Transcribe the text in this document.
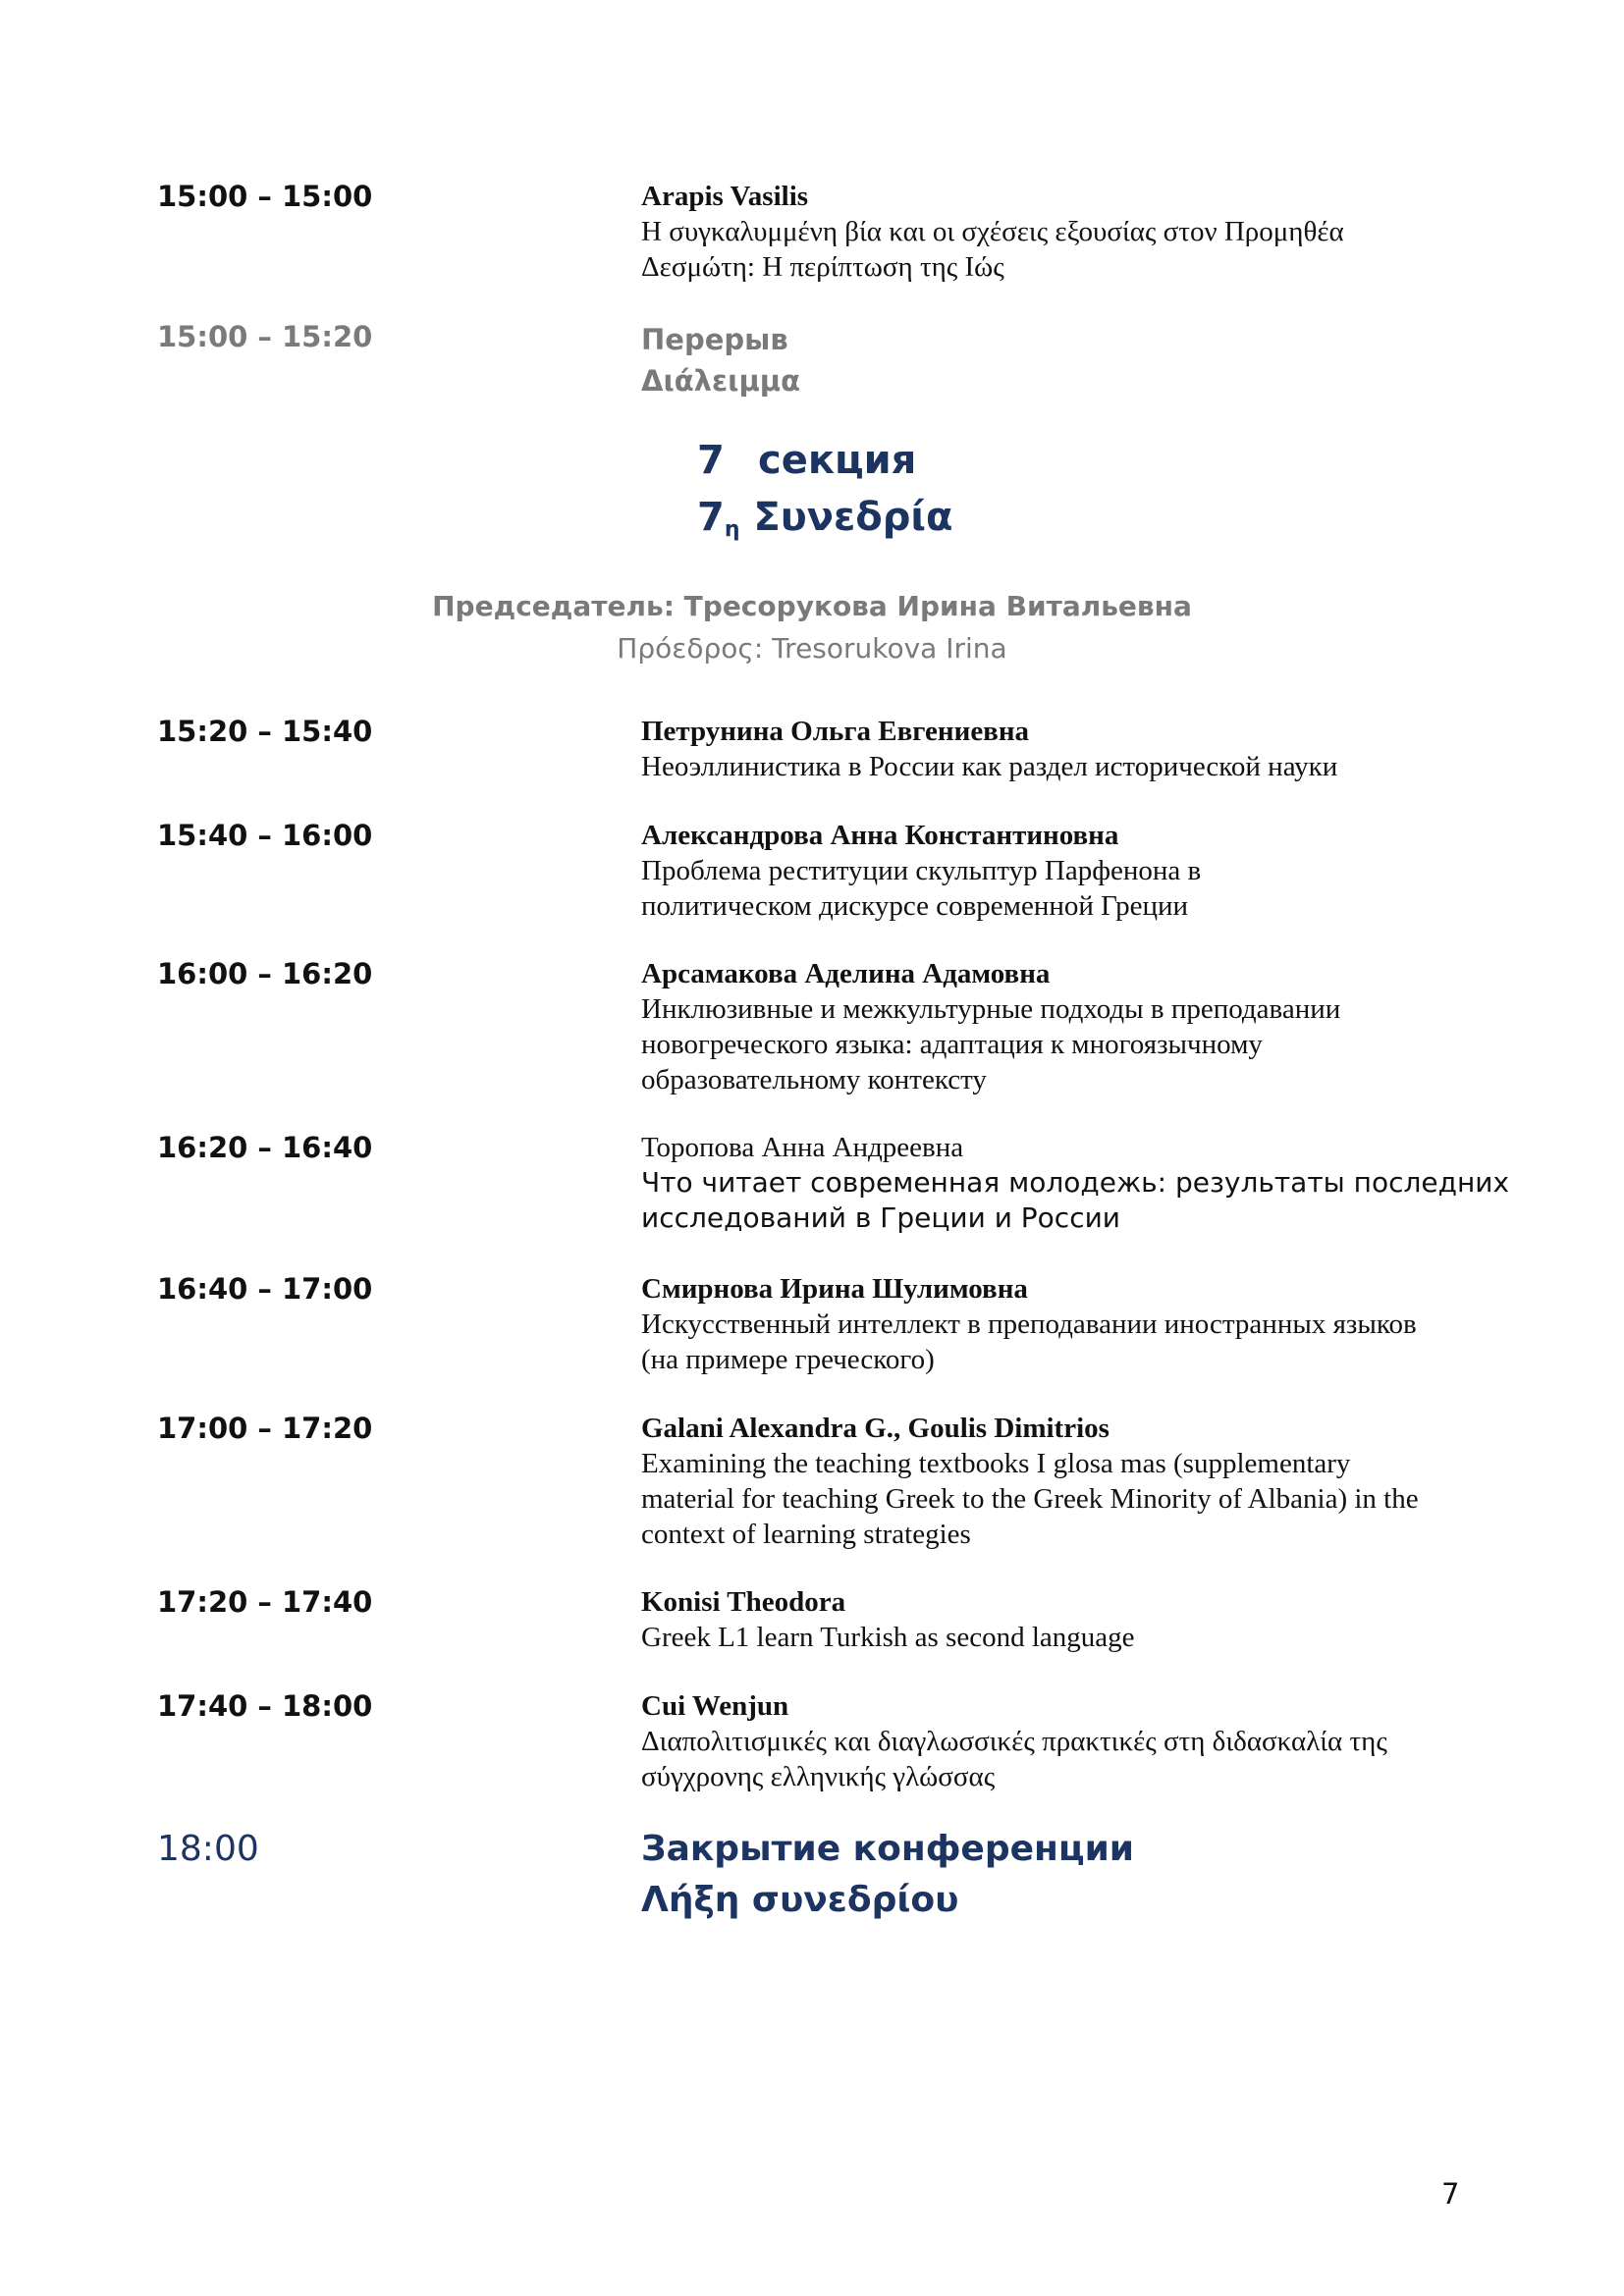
15:00 – 15:00	Arapis Vasilis
Η συγκαλυμμένη βία και οι σχέσεις εξουσίας στον Προμηθέα
Δεσμώτη: Η περίπτωση της Ιώς
15:00 – 15:20	Перерыв
Διάλειμμα
7 секция
$7_\eta$ Συνεδρία
Председатель: Тресорукова Ирина Витальевна
Πρόεδρος: Tresorukova Irina
15:20 – 15:40	Петрунина Ольга Евгениевна
Неоэллинистика в России как раздел исторической науки
15:40 – 16:00	Александрова Анна Константиновна
Проблема реституции скульптур Парфенона в
политическом дискурсе современной Греции
16:00 – 16:20	Арсамакова Аделина Адамовна
Инклюзивные и межкультурные подходы в преподавании
новогреческого языка: адаптация к многоязычному
образовательному контексту
16:20 – 16:40	Торопова Анна Андреевна
Что читает современная молодежь: результаты последних
исследований в Греции и России
16:40 – 17:00	Смирнова Ирина Шулимовна
Искусственный интеллект в преподавании иностранных языков
(на примере греческого)
17:00 – 17:20	Galani Alexandra G., Goulis Dimitrios
Examining the teaching textbooks I glosa mas (supplementary
material for teaching Greek to the Greek Minority of Albania) in the
context of learning strategies
17:20 – 17:40	Konisi Theodora
Greek L1 learn Turkish as second language
17:40 – 18:00	Cui Wenjun
Διαπολιτισμικές και διαγλωσσικές πρακτικές στη διδασκαλία της
σύγχρονης ελληνικής γλώσσας
18:00	Закрытие конференции
Λήξη συνεδρίου
7
